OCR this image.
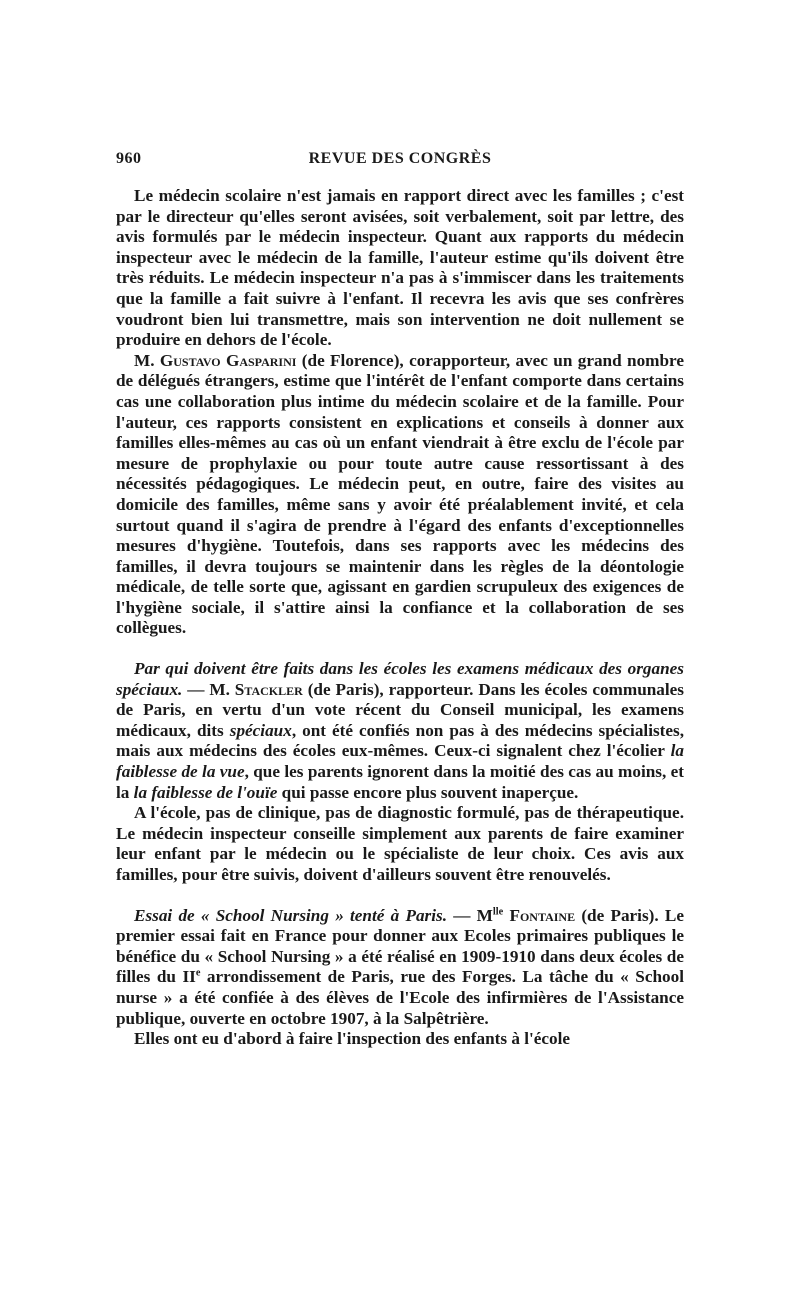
960	REVUE DES CONGRÈS

Le médecin scolaire n'est jamais en rapport direct avec les familles ; c'est par le directeur qu'elles seront avisées, soit verbalement, soit par lettre, des avis formulés par le médecin inspecteur. Quant aux rapports du médecin inspecteur avec le médecin de la famille, l'auteur estime qu'ils doivent être très réduits. Le médecin inspecteur n'a pas à s'immiscer dans les traitements que la famille a fait suivre à l'enfant. Il recevra les avis que ses confrères voudront bien lui transmettre, mais son intervention ne doit nullement se produire en dehors de l'école.

M. Gustavo Gasparini (de Florence), corapporteur, avec un grand nombre de délégués étrangers, estime que l'intérêt de l'enfant comporte dans certains cas une collaboration plus intime du médecin scolaire et de la famille. Pour l'auteur, ces rapports consistent en explications et conseils à donner aux familles elles-mêmes au cas où un enfant viendrait à être exclu de l'école par mesure de prophylaxie ou pour toute autre cause ressortissant à des nécessités pédagogiques. Le médecin peut, en outre, faire des visites au domicile des familles, même sans y avoir été préalablement invité, et cela surtout quand il s'agira de prendre à l'égard des enfants d'exceptionnelles mesures d'hygiène. Toutefois, dans ses rapports avec les médecins des familles, il devra toujours se maintenir dans les règles de la déontologie médicale, de telle sorte que, agissant en gardien scrupuleux des exigences de l'hygiène sociale, il s'attire ainsi la confiance et la collaboration de ses collègues.

Par qui doivent être faits dans les écoles les examens médicaux des organes spéciaux. — M. Stackler (de Paris), rapporteur. Dans les écoles communales de Paris, en vertu d'un vote récent du Conseil municipal, les examens médicaux, dits spéciaux, ont été confiés non pas à des médecins spécialistes, mais aux médecins des écoles eux-mêmes. Ceux-ci signalent chez l'écolier la faiblesse de la vue, que les parents ignorent dans la moitié des cas au moins, et la la faiblesse de l'ouïe qui passe encore plus souvent inaperçue.

A l'école, pas de clinique, pas de diagnostic formulé, pas de thérapeutique. Le médecin inspecteur conseille simplement aux parents de faire examiner leur enfant par le médecin ou le spécialiste de leur choix. Ces avis aux familles, pour être suivis, doivent d'ailleurs souvent être renouvelés.

Essai de « School Nursing » tenté à Paris. — $M^{lle}$ Fontaine (de Paris). Le premier essai fait en France pour donner aux Ecoles primaires publiques le bénéfice du « School Nursing » a été réalisé en 1909-1910 dans deux écoles de filles du IIe arrondissement de Paris, rue des Forges. La tâche du « School nurse » a été confiée à des élèves de l'Ecole des infirmières de l'Assistance publique, ouverte en octobre 1907, à la Salpêtrière.

Elles ont eu d'abord à faire l'inspection des enfants à l'école
